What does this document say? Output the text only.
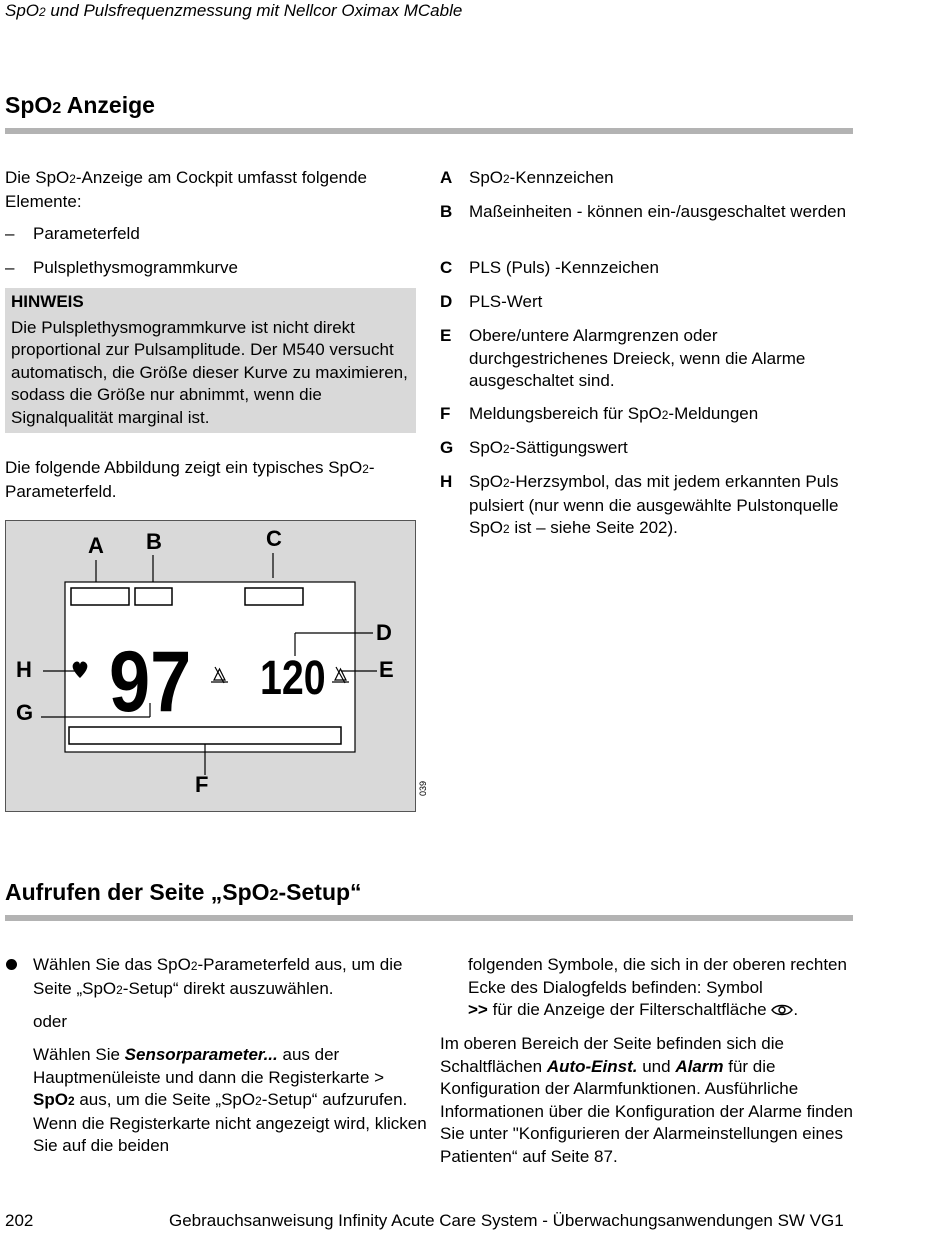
SpO2 und Pulsfrequenzmessung mit Nellcor Oximax MCable
SpO2 Anzeige
Die SpO2-Anzeige am Cockpit umfasst folgende Elemente:
– Parameterfeld
– Pulsplethysmogrammkurve
HINWEIS
Die Pulsplethysmogrammkurve ist nicht direkt proportional zur Pulsamplitude. Der M540 versucht automatisch, die Größe dieser Kurve zu maximieren, sodass die Größe nur abnimmt, wenn die Signalqualität marginal ist.
Die folgende Abbildung zeigt ein typisches SpO2-Parameterfeld.
A SpO2-Kennzeichen
B Maßeinheiten - können ein-/ausgeschaltet werden
C PLS (Puls) -Kennzeichen
D PLS-Wert
E Obere/untere Alarmgrenzen oder durchgestrichenes Dreieck, wenn die Alarme ausgeschaltet sind.
F Meldungsbereich für SpO2-Meldungen
G SpO2-Sättigungswert
H SpO2-Herzsymbol, das mit jedem erkannten Puls pulsiert (nur wenn die ausgewählte Pulstonquelle SpO2 ist – siehe Seite 202).
97 120
A B	C
D
E
F
G
H
039
Aufrufen der Seite „SpO2-Setup“
Wählen Sie das SpO2-Parameterfeld aus, um die Seite „SpO2-Setup“ direkt auszuwählen.
oder
Wählen Sie Sensorparameter... aus der Hauptmenüleiste und dann die Registerkarte >
SpO2 aus, um die Seite „SpO2-Setup“ aufzurufen. Wenn die Registerkarte nicht angezeigt wird, klicken Sie auf die beiden
folgenden Symbole, die sich in der oberen rechten Ecke des Dialogfelds befinden: Symbol
>> für die Anzeige der Filterschaltfläche .
Im oberen Bereich der Seite befinden sich die Schaltflächen Auto-Einst. und Alarm für die Konfiguration der Alarmfunktionen. Ausführliche Informationen über die Konfiguration der Alarme finden Sie unter "Konfigurieren der Alarmeinstellungen eines Patienten“ auf Seite 87.
202	Gebrauchsanweisung Infinity Acute Care System - Überwachungsanwendungen SW VG1
